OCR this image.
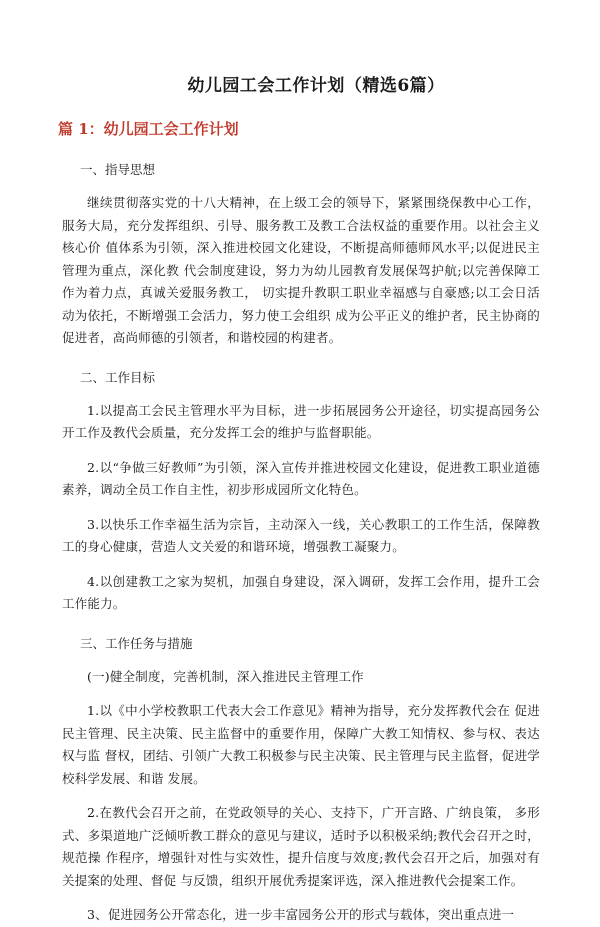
幼儿园工会工作计划（精选6篇）
篇 1：幼儿园工会工作计划
一、指导思想

继续贯彻落实党的十八大精神，在上级工会的领导下，紧紧围绕保教中心工作，服务大局，充分发挥组织、引导、服务教工及教工合法权益的重要作用。以社会主义核心价 值体系为引领，深入推进校园文化建设，不断提高师德师风水平;以促进民主管理为重点，深化教 代会制度建设，努力为幼儿园教育发展保驾护航;以完善保障工作为着力点，真诚关爱服务教工， 切实提升教职工职业幸福感与自豪感;以工会日活动为依托，不断增强工会活力，努力使工会组织 成为公平正义的维护者，民主协商的促进者，高尚师德的引领者，和谐校园的构建者。

二、工作目标

1.以提高工会民主管理水平为目标，进一步拓展园务公开途径，切实提高园务公开工作及教代会质量，充分发挥工会的维护与监督职能。

2.以“争做三好教师”为引领，深入宣传并推进校园文化建设，促进教工职业道德素养，调动全员工作自主性，初步形成园所文化特色。

3.以快乐工作幸福生活为宗旨，主动深入一线，关心教职工的工作生活，保障教工的身心健康，营造人文关爱的和谐环境，增强教工凝聚力。

4.以创建教工之家为契机，加强自身建设，深入调研，发挥工会作用，提升工会工作能力。

三、工作任务与措施

(一)健全制度，完善机制，深入推进民主管理工作

1.以《中小学校教职工代表大会工作意见》精神为指导，充分发挥教代会在 促进民主管理、民主决策、民主监督中的重要作用，保障广大教工知情权、参与权、表达权与监 督权，团结、引领广大教工积极参与民主决策、民主管理与民主监督，促进学校科学发展、和谐 发展。

2.在教代会召开之前，在党政领导的关心、支持下，广开言路、广纳良策， 多形式、多渠道地广泛倾听教工群众的意见与建议，适时予以积极采纳;教代会召开之时，规范操 作程序，增强针对性与实效性，提升信度与效度;教代会召开之后，加强对有关提案的处理、督促 与反馈，组织开展优秀提案评选，深入推进教代会提案工作。

3、促进园务公开常态化，进一步丰富园务公开的形式与载体，突出重点进一
